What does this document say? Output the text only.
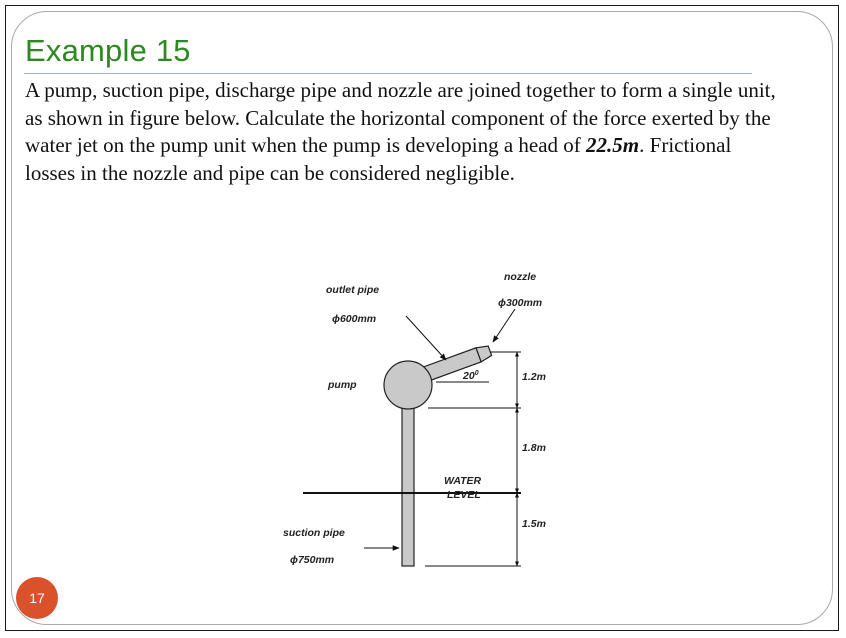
Example 15

A pump, suction pipe, discharge pipe and nozzle are joined together to form a single unit, as shown in figure below. Calculate the horizontal component of the force exerted by the water jet on the pump unit when the pump is developing a head of 22.5m. Frictional losses in the nozzle and pipe can be considered negligible.

nozzle
ϕ300mm
outlet pipe
ϕ600mm
pump
$20^0$	1.2m
1.8m
1.5m
WATER
LEVEL
suction pipe
ϕ750mm
17
